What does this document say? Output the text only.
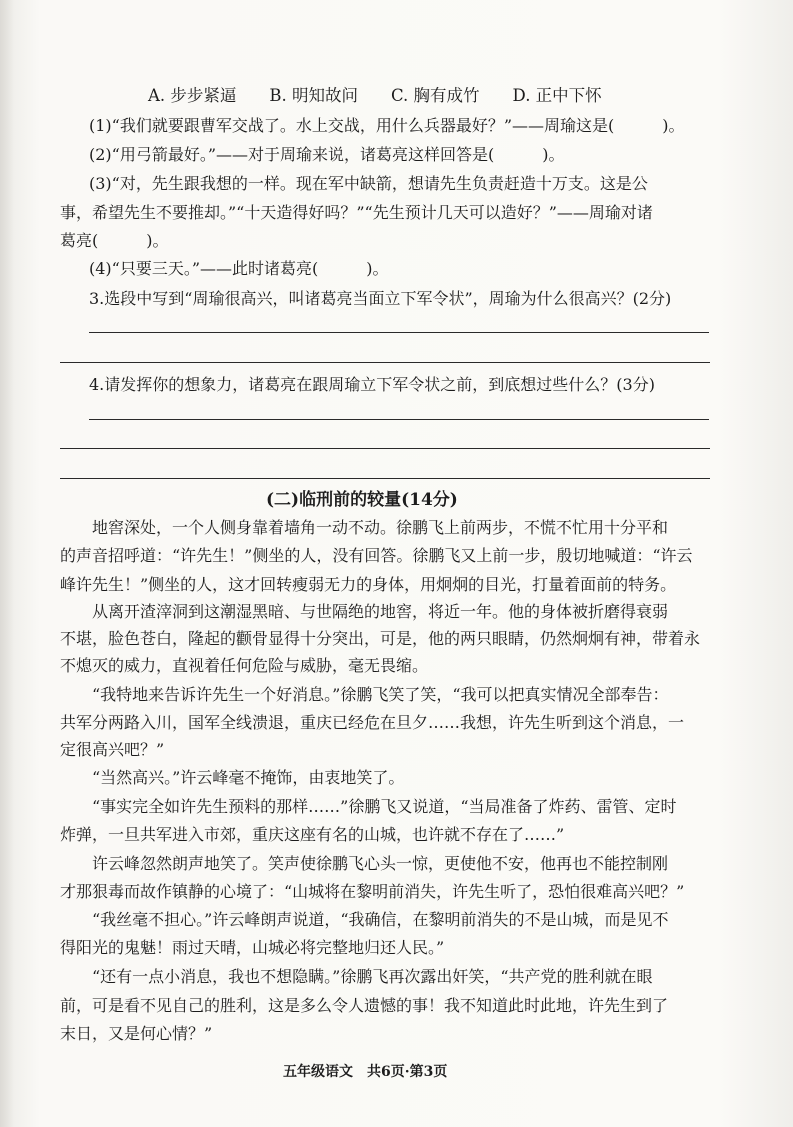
A. 步步紧逼　　B. 明知故问　　C. 胸有成竹　　D. 正中下怀
(1)“我们就要跟曹军交战了。水上交战，用什么兵器最好？”——周瑜这是(　　　)。
(2)“用弓箭最好。”——对于周瑜来说，诸葛亮这样回答是(　　　)。
(3)“对，先生跟我想的一样。现在军中缺箭，想请先生负责赶造十万支。这是公
事，希望先生不要推却。”“十天造得好吗？”“先生预计几天可以造好？”——周瑜对诸
葛亮(　　　)。
(4)“只要三天。”——此时诸葛亮(　　　)。
3.选段中写到“周瑜很高兴，叫诸葛亮当面立下军令状”，周瑜为什么很高兴？(2分)
4.请发挥你的想象力，诸葛亮在跟周瑜立下军令状之前，到底想过些什么？(3分)
(二)临刑前的较量(14分)
　　地窖深处，一个人侧身靠着墙角一动不动。徐鹏飞上前两步，不慌不忙用十分平和
的声音招呼道：“许先生！”侧坐的人，没有回答。徐鹏飞又上前一步，殷切地喊道：“许云
峰许先生！”侧坐的人，这才回转瘦弱无力的身体，用炯炯的目光，打量着面前的特务。
　　从离开渣滓洞到这潮湿黑暗、与世隔绝的地窖，将近一年。他的身体被折磨得衰弱
不堪，脸色苍白，隆起的颧骨显得十分突出，可是，他的两只眼睛，仍然炯炯有神，带着永
不熄灭的威力，直视着任何危险与威胁，毫无畏缩。
　　“我特地来告诉许先生一个好消息。”徐鹏飞笑了笑，“我可以把真实情况全部奉告：
共军分两路入川，国军全线溃退，重庆已经危在旦夕……我想，许先生听到这个消息，一
定很高兴吧？”
　　“当然高兴。”许云峰毫不掩饰，由衷地笑了。
　　“事实完全如许先生预料的那样……”徐鹏飞又说道，“当局准备了炸药、雷管、定时
炸弹，一旦共军进入市郊，重庆这座有名的山城，也许就不存在了……”
　　许云峰忽然朗声地笑了。笑声使徐鹏飞心头一惊，更使他不安，他再也不能控制刚
才那狠毒而故作镇静的心境了：“山城将在黎明前消失，许先生听了，恐怕很难高兴吧？”
　　“我丝毫不担心。”许云峰朗声说道，“我确信，在黎明前消失的不是山城，而是见不
得阳光的鬼魅！雨过天晴，山城必将完整地归还人民。”
　　“还有一点小消息，我也不想隐瞒。”徐鹏飞再次露出奸笑，“共产党的胜利就在眼
前，可是看不见自己的胜利，这是多么令人遗憾的事！我不知道此时此地，许先生到了
末日，又是何心情？”
五年级语文　共6页·第3页
